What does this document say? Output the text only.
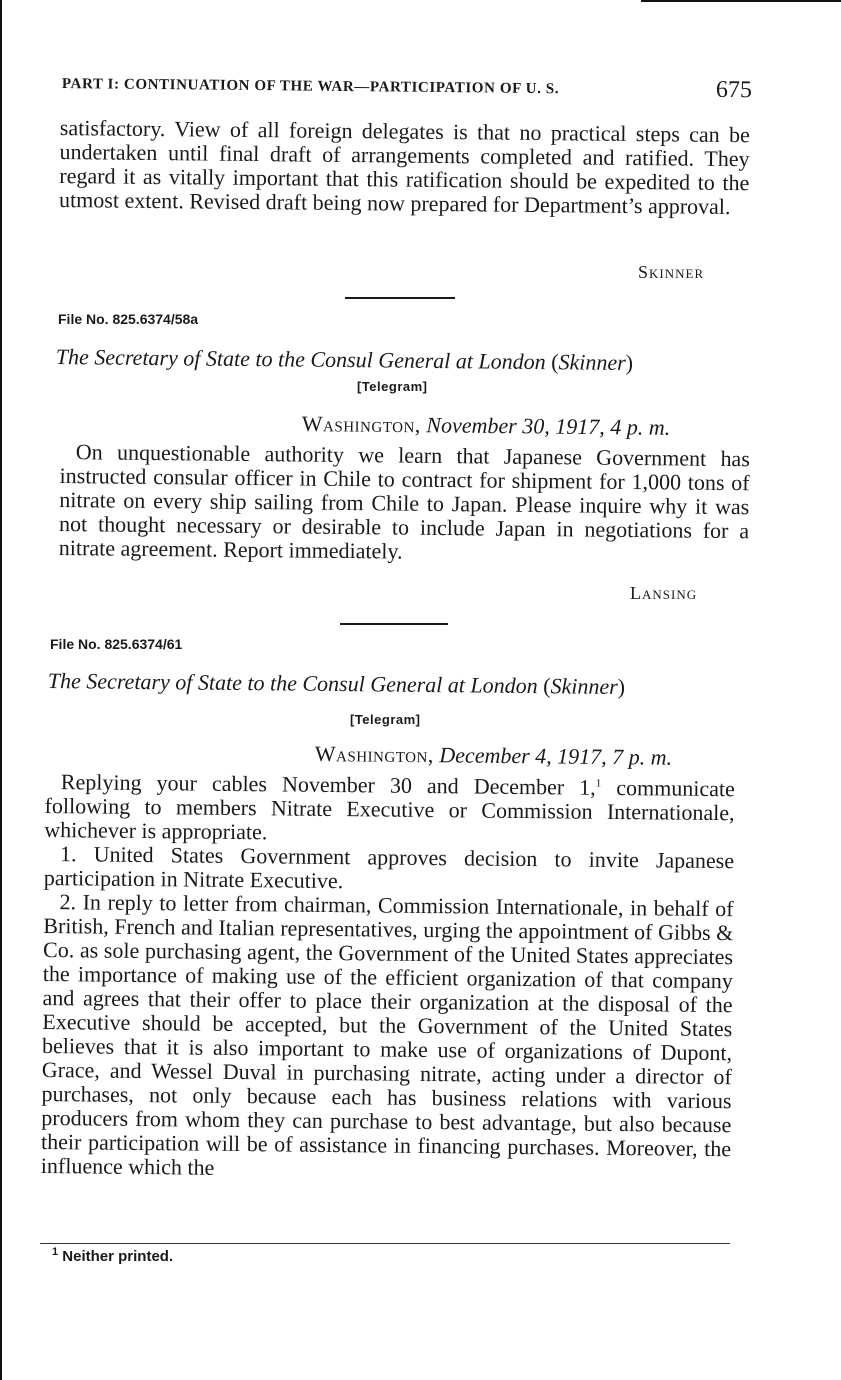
PART I: CONTINUATION OF THE WAR—PARTICIPATION OF U. S.	675

satisfactory. View of all foreign delegates is that no practical steps can be undertaken until final draft of arrangements completed and ratified. They regard it as vitally important that this ratification should be expedited to the utmost extent. Revised draft being now prepared for Department’s approval.

Skinner
File No. 825.6374/58a
The Secretary of State to the Consul General at London (Skinner)
[Telegram]
Washington, November 30, 1917, 4 p. m.

On unquestionable authority we learn that Japanese Government has instructed consular officer in Chile to contract for shipment for 1,000 tons of nitrate on every ship sailing from Chile to Japan. Please inquire why it was not thought necessary or desirable to include Japan in negotiations for a nitrate agreement. Report immediately.

Lansing
File No. 825.6374/61
The Secretary of State to the Consul General at London (Skinner)
[Telegram]
Washington, December 4, 1917, 7 p. m.

Replying your cables November 30 and December 1,$^1$ communicate following to members Nitrate Executive or Commission Internationale, whichever is appropriate.

1. United States Government approves decision to invite Japanese participation in Nitrate Executive.

2. In reply to letter from chairman, Commission Internationale, in behalf of British, French and Italian representatives, urging the appointment of Gibbs & Co. as sole purchasing agent, the Government of the United States appreciates the importance of making use of the efficient organization of that company and agrees that their offer to place their organization at the disposal of the Executive should be accepted, but the Government of the United States believes that it is also important to make use of organizations of Dupont, Grace, and Wessel Duval in purchasing nitrate, acting under a director of purchases, not only because each has business relations with various producers from whom they can purchase to best advantage, but also because their participation will be of assistance in financing purchases. Moreover, the influence which the

$^1$ Neither printed.
